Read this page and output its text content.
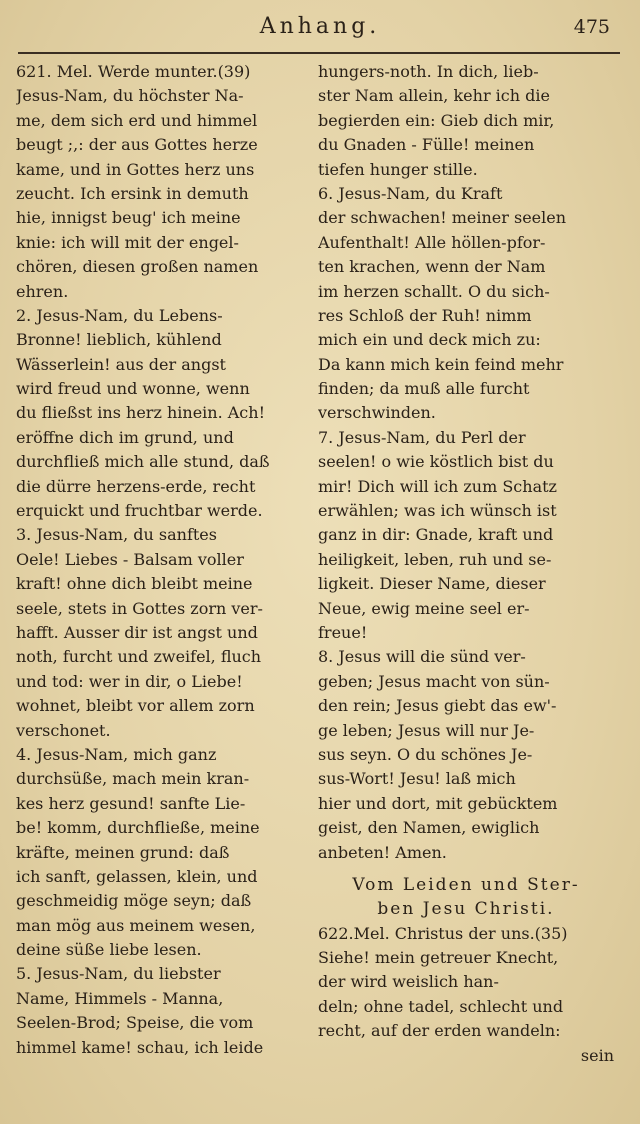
Anhang.	475
621. Mel. Werde munter.(39)
Jesus-Nam, du höchster Na-
me, dem sich erd und himmel
beugt ;,: der aus Gottes herze
kame, und in Gottes herz uns
zeucht. Ich ersink in demuth
hie, innigst beug' ich meine
knie: ich will mit der engel-
chören, diesen großen namen
ehren.
2. Jesus-Nam, du Lebens-
Bronne! lieblich, kühlend
Wässerlein! aus der angst
wird freud und wonne, wenn
du fließst ins herz hinein. Ach!
eröffne dich im grund, und
durchfließ mich alle stund, daß
die dürre herzens-erde, recht
erquickt und fruchtbar werde.
3. Jesus-Nam, du sanftes
Oele! Liebes - Balsam voller
kraft! ohne dich bleibt meine
seele, stets in Gottes zorn ver-
hafft. Ausser dir ist angst und
noth, furcht und zweifel, fluch
und tod: wer in dir, o Liebe!
wohnet, bleibt vor allem zorn
verschonet.
4. Jesus-Nam, mich ganz
durchsüße, mach mein kran-
kes herz gesund! sanfte Lie-
be! komm, durchfließe, meine
kräfte, meinen grund: daß
ich sanft, gelassen, klein, und
geschmeidig möge seyn; daß
man mög aus meinem wesen,
deine süße liebe lesen.
5. Jesus-Nam, du liebster
Name, Himmels - Manna,
Seelen-Brod; Speise, die vom
himmel kame! schau, ich leide
hungers-noth. In dich, lieb-
ster Nam allein, kehr ich die
begierden ein: Gieb dich mir,
du Gnaden - Fülle! meinen
tiefen hunger stille.
6. Jesus-Nam, du Kraft
der schwachen! meiner seelen
Aufenthalt! Alle höllen-pfor-
ten krachen, wenn der Nam
im herzen schallt. O du sich-
res Schloß der Ruh! nimm
mich ein und deck mich zu:
Da kann mich kein feind mehr
finden; da muß alle furcht
verschwinden.
7. Jesus-Nam, du Perl der
seelen! o wie köstlich bist du
mir! Dich will ich zum Schatz
erwählen; was ich wünsch ist
ganz in dir: Gnade, kraft und
heiligkeit, leben, ruh und se-
ligkeit. Dieser Name, dieser
Neue, ewig meine seel er-
freue!
8. Jesus will die sünd ver-
geben; Jesus macht von sün-
den rein; Jesus giebt das ew'-
ge leben; Jesus will nur Je-
sus seyn. O du schönes Je-
sus-Wort! Jesu! laß mich
hier und dort, mit gebücktem
geist, den Namen, ewiglich
anbeten! Amen.
Vom Leiden und Ster-
ben Jesu Christi.
622.Mel. Christus der uns.(35)
Siehe! mein getreuer Knecht,
der wird weislich han-
deln; ohne tadel, schlecht und
recht, auf der erden wandeln:
sein
